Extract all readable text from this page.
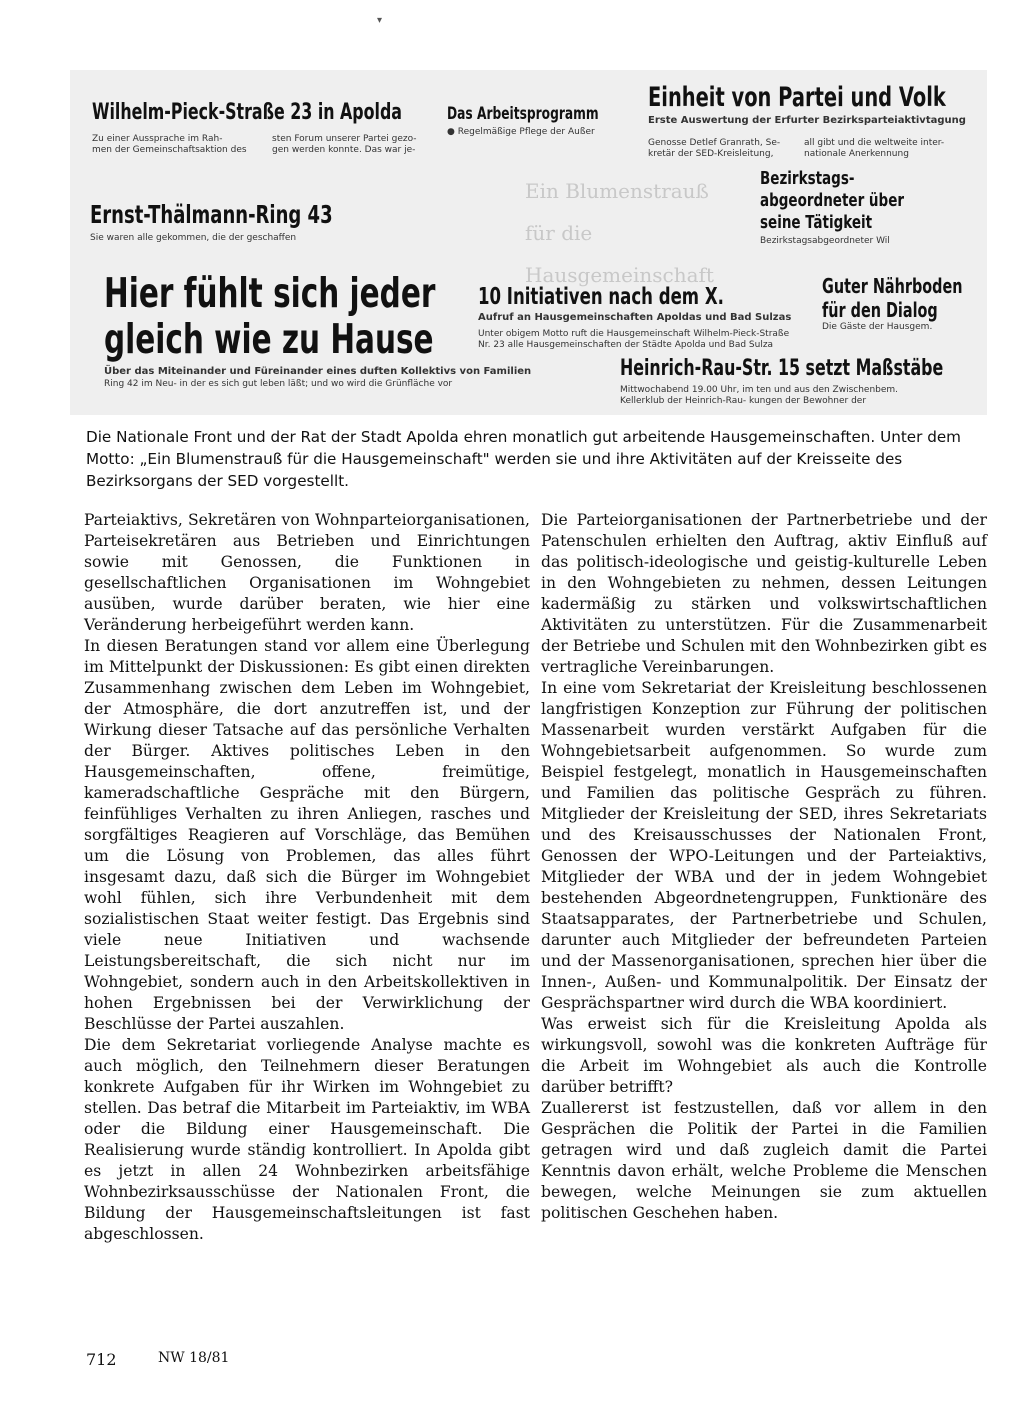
▾
Wilhelm-Pieck-Straße 23 in Apolda
Zu einer Aussprache im Rah-
men der Gemeinschaftsaktion des
sten Forum unserer Partei gezo-
gen werden konnte. Das war je-
Das Arbeitsprogramm
● Regelmäßige Pflege der Außer
Einheit von Partei und Volk
Erste Auswertung der Erfurter Bezirksparteiaktivtagung
Genosse Detlef Granrath, Se-
kretär der SED-Kreisleitung,
all gibt und die weltweite inter-
nationale Anerkennung
Ernst-Thälmann-Ring 43
Sie waren alle gekommen, die der geschaffen
Ein Blumenstrauß
für die Hausgemeinschaft
Bezirkstags-
abgeordneter über
seine Tätigkeit
Bezirkstagsabgeordneter Wil
Hier fühlt sich jeder
gleich wie zu Hause
Über das Miteinander und Füreinander eines duften Kollektivs von Familien
Ring 42 im Neu- in der es sich gut leben läßt; und wo wird die Grünfläche vor
10 Initiativen nach dem X.
Aufruf an Hausgemeinschaften Apoldas und Bad Sulzas
Unter obigem Motto ruft die Hausgemeinschaft Wilhelm-Pieck-Straße
Nr. 23 alle Hausgemeinschaften der Städte Apolda und Bad Sulza
Guter Nährboden
für den Dialog
Die Gäste der Hausgem.
Heinrich-Rau-Str. 15 setzt Maßstäbe
Mittwochabend 19.00 Uhr, im ten und aus den Zwischenbem.
Kellerklub der Heinrich-Rau- kungen der Bewohner der
Die Nationale Front und der Rat der Stadt Apolda ehren monatlich gut arbeitende Hausgemeinschaften. Unter dem Motto: „Ein Blumenstrauß für die Hausgemeinschaft" werden sie und ihre Aktivitäten auf der Kreisseite des Bezirksorgans der SED vorgestellt.

Parteiaktivs, Sekretären von Wohnparteiorganisationen, Parteisekretären aus Betrieben und Einrichtungen sowie mit Genossen, die Funktionen in gesellschaftlichen Organisationen im Wohngebiet ausüben, wurde darüber beraten, wie hier eine Veränderung herbeigeführt werden kann.

In diesen Beratungen stand vor allem eine Überlegung im Mittelpunkt der Diskussionen: Es gibt einen direkten Zusammenhang zwischen dem Leben im Wohngebiet, der Atmosphäre, die dort anzutreffen ist, und der Wirkung dieser Tatsache auf das persönliche Verhalten der Bürger. Aktives politisches Leben in den Hausgemeinschaften, offene, freimütige, kameradschaftliche Gespräche mit den Bürgern, feinfühliges Verhalten zu ihren Anliegen, rasches und sorgfältiges Reagieren auf Vorschläge, das Bemühen um die Lösung von Problemen, das alles führt insgesamt dazu, daß sich die Bürger im Wohngebiet wohl fühlen, sich ihre Verbundenheit mit dem sozialistischen Staat weiter festigt. Das Ergebnis sind viele neue Initiativen und wachsende Leistungsbereitschaft, die sich nicht nur im Wohngebiet, sondern auch in den Arbeitskollektiven in hohen Ergebnissen bei der Verwirklichung der Beschlüsse der Partei auszahlen.

Die dem Sekretariat vorliegende Analyse machte es auch möglich, den Teilnehmern dieser Beratungen konkrete Aufgaben für ihr Wirken im Wohngebiet zu stellen. Das betraf die Mitarbeit im Parteiaktiv, im WBA oder die Bildung einer Hausgemeinschaft. Die Realisierung wurde ständig kontrolliert. In Apolda gibt es jetzt in allen 24 Wohnbezirken arbeitsfähige Wohnbezirksausschüsse der Nationalen Front, die Bildung der Hausgemeinschaftsleitungen ist fast abgeschlossen.

Die Parteiorganisationen der Partnerbetriebe und der Patenschulen erhielten den Auftrag, aktiv Einfluß auf das politisch-ideologische und geistig-kulturelle Leben in den Wohngebieten zu nehmen, dessen Leitungen kadermäßig zu stärken und volkswirtschaftlichen Aktivitäten zu unterstützen. Für die Zusammenarbeit der Betriebe und Schulen mit den Wohnbezirken gibt es vertragliche Vereinbarungen.

In eine vom Sekretariat der Kreisleitung beschlossenen langfristigen Konzeption zur Führung der politischen Massenarbeit wurden verstärkt Aufgaben für die Wohngebietsarbeit aufgenommen. So wurde zum Beispiel festgelegt, monatlich in Hausgemeinschaften und Familien das politische Gespräch zu führen. Mitglieder der Kreisleitung der SED, ihres Sekretariats und des Kreisausschusses der Nationalen Front, Genossen der WPO-Leitungen und der Parteiaktivs, Mitglieder der WBA und der in jedem Wohngebiet bestehenden Abgeordnetengruppen, Funktionäre des Staatsapparates, der Partnerbetriebe und Schulen, darunter auch Mitglieder der befreundeten Parteien und der Massenorganisationen, sprechen hier über die Innen-, Außen- und Kommunalpolitik. Der Einsatz der Gesprächspartner wird durch die WBA koordiniert.

Was erweist sich für die Kreisleitung Apolda als wirkungsvoll, sowohl was die konkreten Aufträge für die Arbeit im Wohngebiet als auch die Kontrolle darüber betrifft?

Zuallererst ist festzustellen, daß vor allem in den Gesprächen die Politik der Partei in die Familien getragen wird und daß zugleich damit die Partei Kenntnis davon erhält, welche Probleme die Menschen bewegen, welche Meinungen sie zum aktuellen politischen Geschehen haben.

712	NW 18/81
